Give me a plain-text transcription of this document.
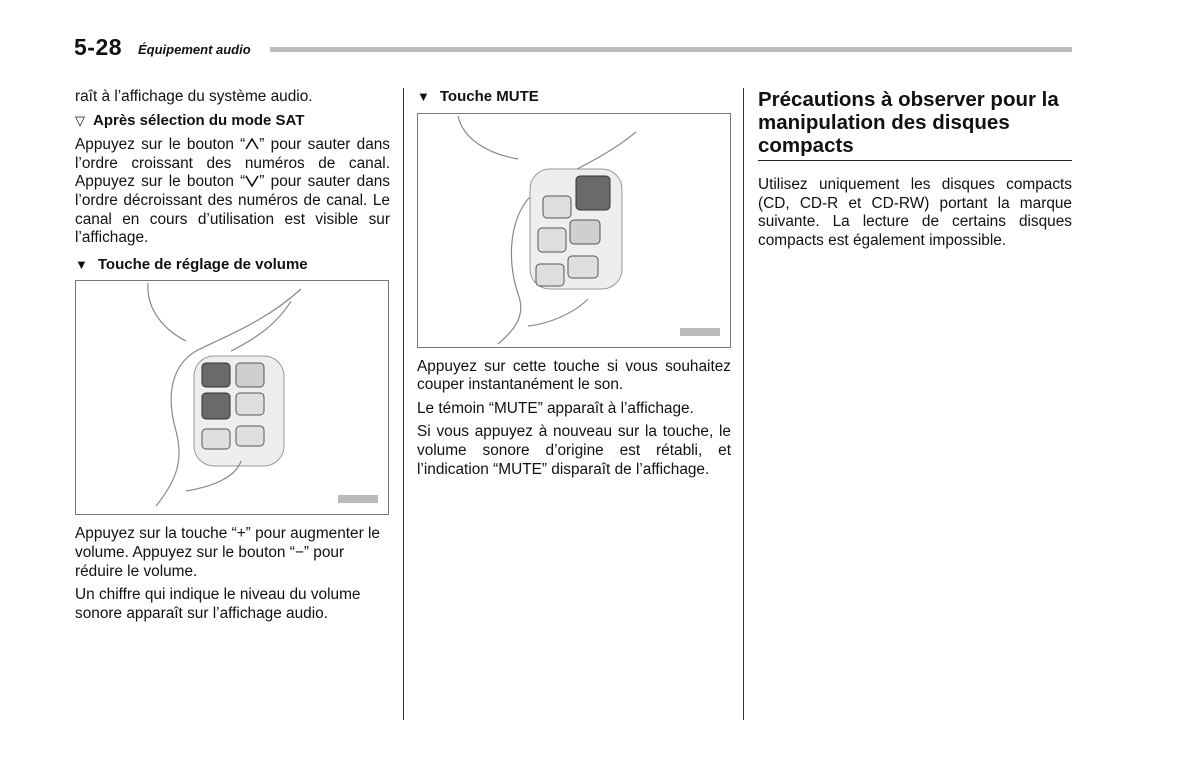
5-28 Équipement audio

raît à l’affichage du système audio.

▽ Après sélection du mode SAT

Appuyez sur le bouton “ ” pour sauter dans l’ordre croissant des numéros de canal. Appuyez sur le bouton “ ” pour sauter dans l’ordre décroissant des numéros de canal. Le canal en cours d’utilisation est visible sur l’affichage.

▼ Touche de réglage de volume

Appuyez sur la touche “+” pour augmenter le volume. Appuyez sur le bouton “−” pour réduire le volume.

Un chiffre qui indique le niveau du volume sonore apparaît sur l’affichage audio.

▼ Touche MUTE

Appuyez sur cette touche si vous souhaitez couper instantanément le son.

Le témoin “MUTE” apparaît à l’affichage.

Si vous appuyez à nouveau sur la touche, le volume sonore d’origine est rétabli, et l’indication “MUTE” disparaît de l’affichage.

Précautions à observer pour la manipulation des disques compacts

Utilisez uniquement les disques compacts (CD, CD-R et CD-RW) portant la marque suivante. La lecture de certains disques compacts est également impossible.
